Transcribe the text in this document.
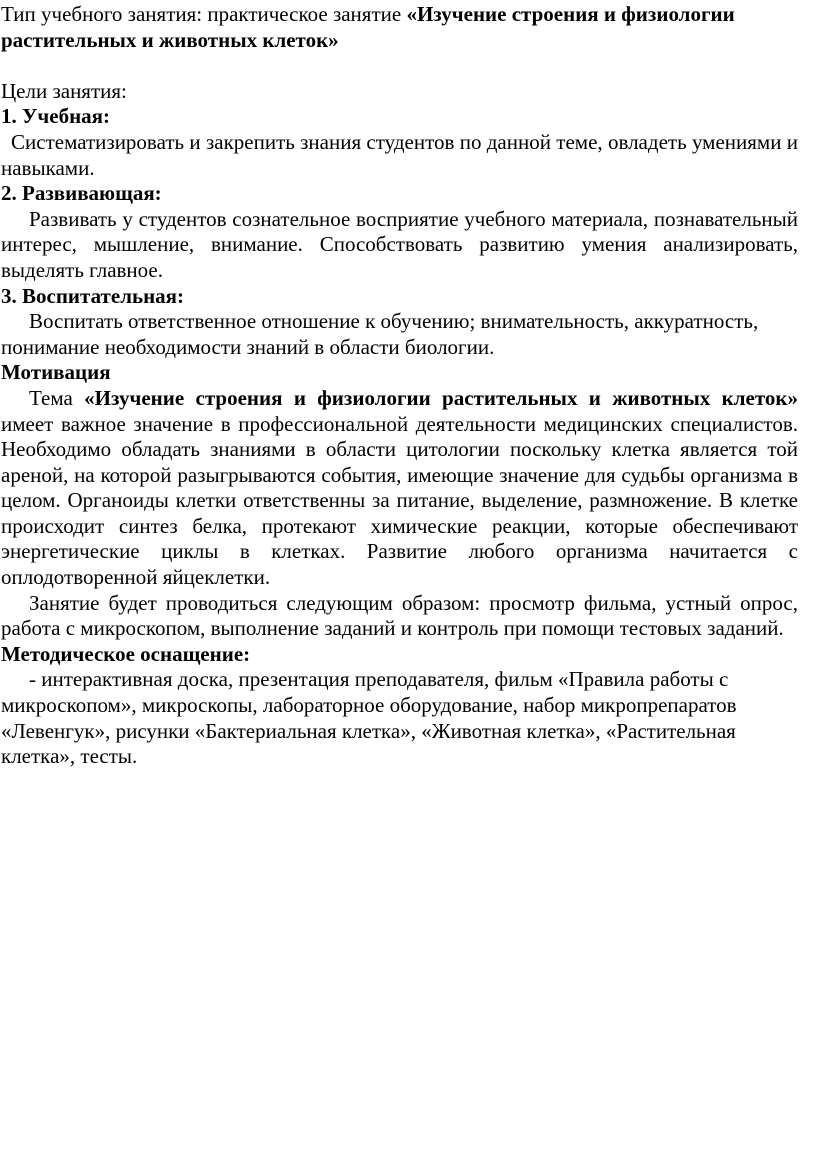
Тип учебного занятия: практическое занятие «Изучение строения и физиологии растительных и животных клеток»

Цели занятия:

1. Учебная:

Систематизировать и закрепить знания студентов по данной теме, овладеть умениями и навыками.

2. Развивающая:

Развивать у студентов сознательное восприятие учебного материала, познавательный интерес, мышление, внимание. Способствовать развитию умения анализировать, выделять главное.

3. Воспитательная:

Воспитать ответственное отношение к обучению; внимательность, аккуратность, понимание необходимости знаний в области биологии.

Мотивация

Тема «Изучение строения и физиологии растительных и животных клеток» имеет важное значение в профессиональной деятельности медицинских специалистов. Необходимо обладать знаниями в области цитологии поскольку клетка является той ареной, на которой разыгрываются события, имеющие значение для судьбы организма в целом. Органоиды клетки ответственны за питание, выделение, размножение. В клетке происходит синтез белка, протекают химические реакции, которые обеспечивают энергетические циклы в клетках. Развитие любого организма начитается с оплодотворенной яйцеклетки.

Занятие будет проводиться следующим образом: просмотр фильма, устный опрос, работа с микроскопом, выполнение заданий и контроль при помощи тестовых заданий.

Методическое оснащение:

- интерактивная доска, презентация преподавателя, фильм «Правила работы с микроскопом», микроскопы, лабораторное оборудование, набор микропрепаратов «Левенгук», рисунки «Бактериальная клетка», «Животная клетка», «Растительная клетка», тесты.
